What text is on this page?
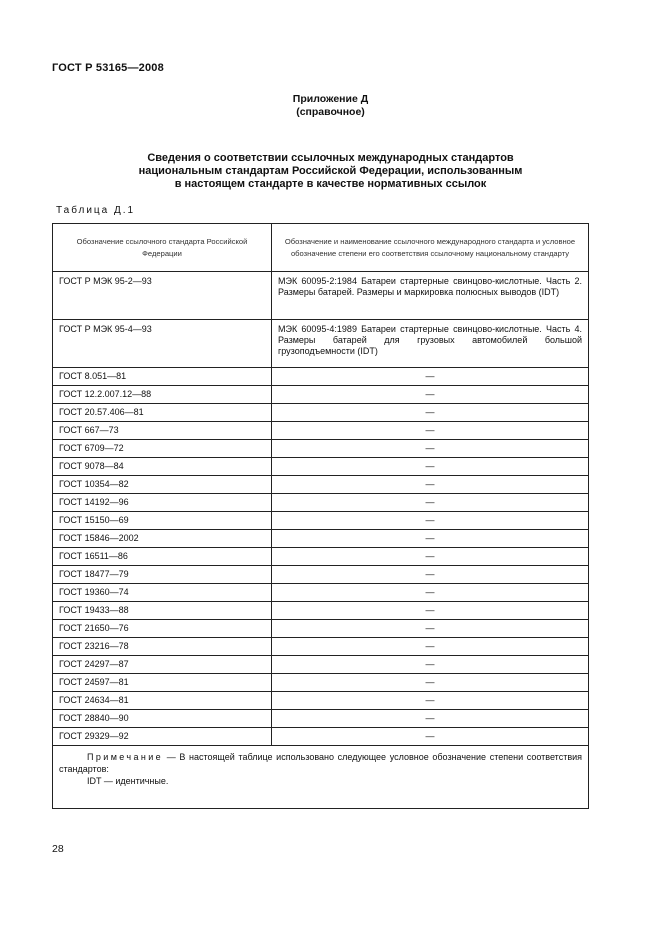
ГОСТ Р 53165—2008
Приложение Д
(справочное)
Сведения о соответствии ссылочных международных стандартов
национальным стандартам Российской Федерации, использованным
в настоящем стандарте в качестве нормативных ссылок
Таблица Д.1
Обозначение ссылочного стандарта Российской Федерации	Обозначение и наименование ссылочного международного стандарта и условное обозначение степени его соответствия ссылочному национальному стандарту
ГОСТ Р МЭК 95-2—93	МЭК 60095-2:1984 Батареи стартерные свинцово-кислотные. Часть 2. Размеры батарей. Размеры и маркировка полюсных выводов (IDT)
ГОСТ Р МЭК 95-4—93	МЭК 60095-4:1989 Батареи стартерные свинцово-кислотные. Часть 4. Размеры батарей для грузовых автомобилей большой грузоподъемности (IDT)
ГОСТ 8.051—81	—
ГОСТ 12.2.007.12—88	—
ГОСТ 20.57.406—81	—
ГОСТ 667—73	—
ГОСТ 6709—72	—
ГОСТ 9078—84	—
ГОСТ 10354—82	—
ГОСТ 14192—96	—
ГОСТ 15150—69	—
ГОСТ 15846—2002	—
ГОСТ 16511—86	—
ГОСТ 18477—79	—
ГОСТ 19360—74	—
ГОСТ 19433—88	—
ГОСТ 21650—76	—
ГОСТ 23216—78	—
ГОСТ 24297—87	—
ГОСТ 24597—81	—
ГОСТ 24634—81	—
ГОСТ 28840—90	—
ГОСТ 29329—92	—

Примечание — В настоящей таблице использовано следующее условное обозначение степени соответствия стандартов:
IDT — идентичные.	
28
